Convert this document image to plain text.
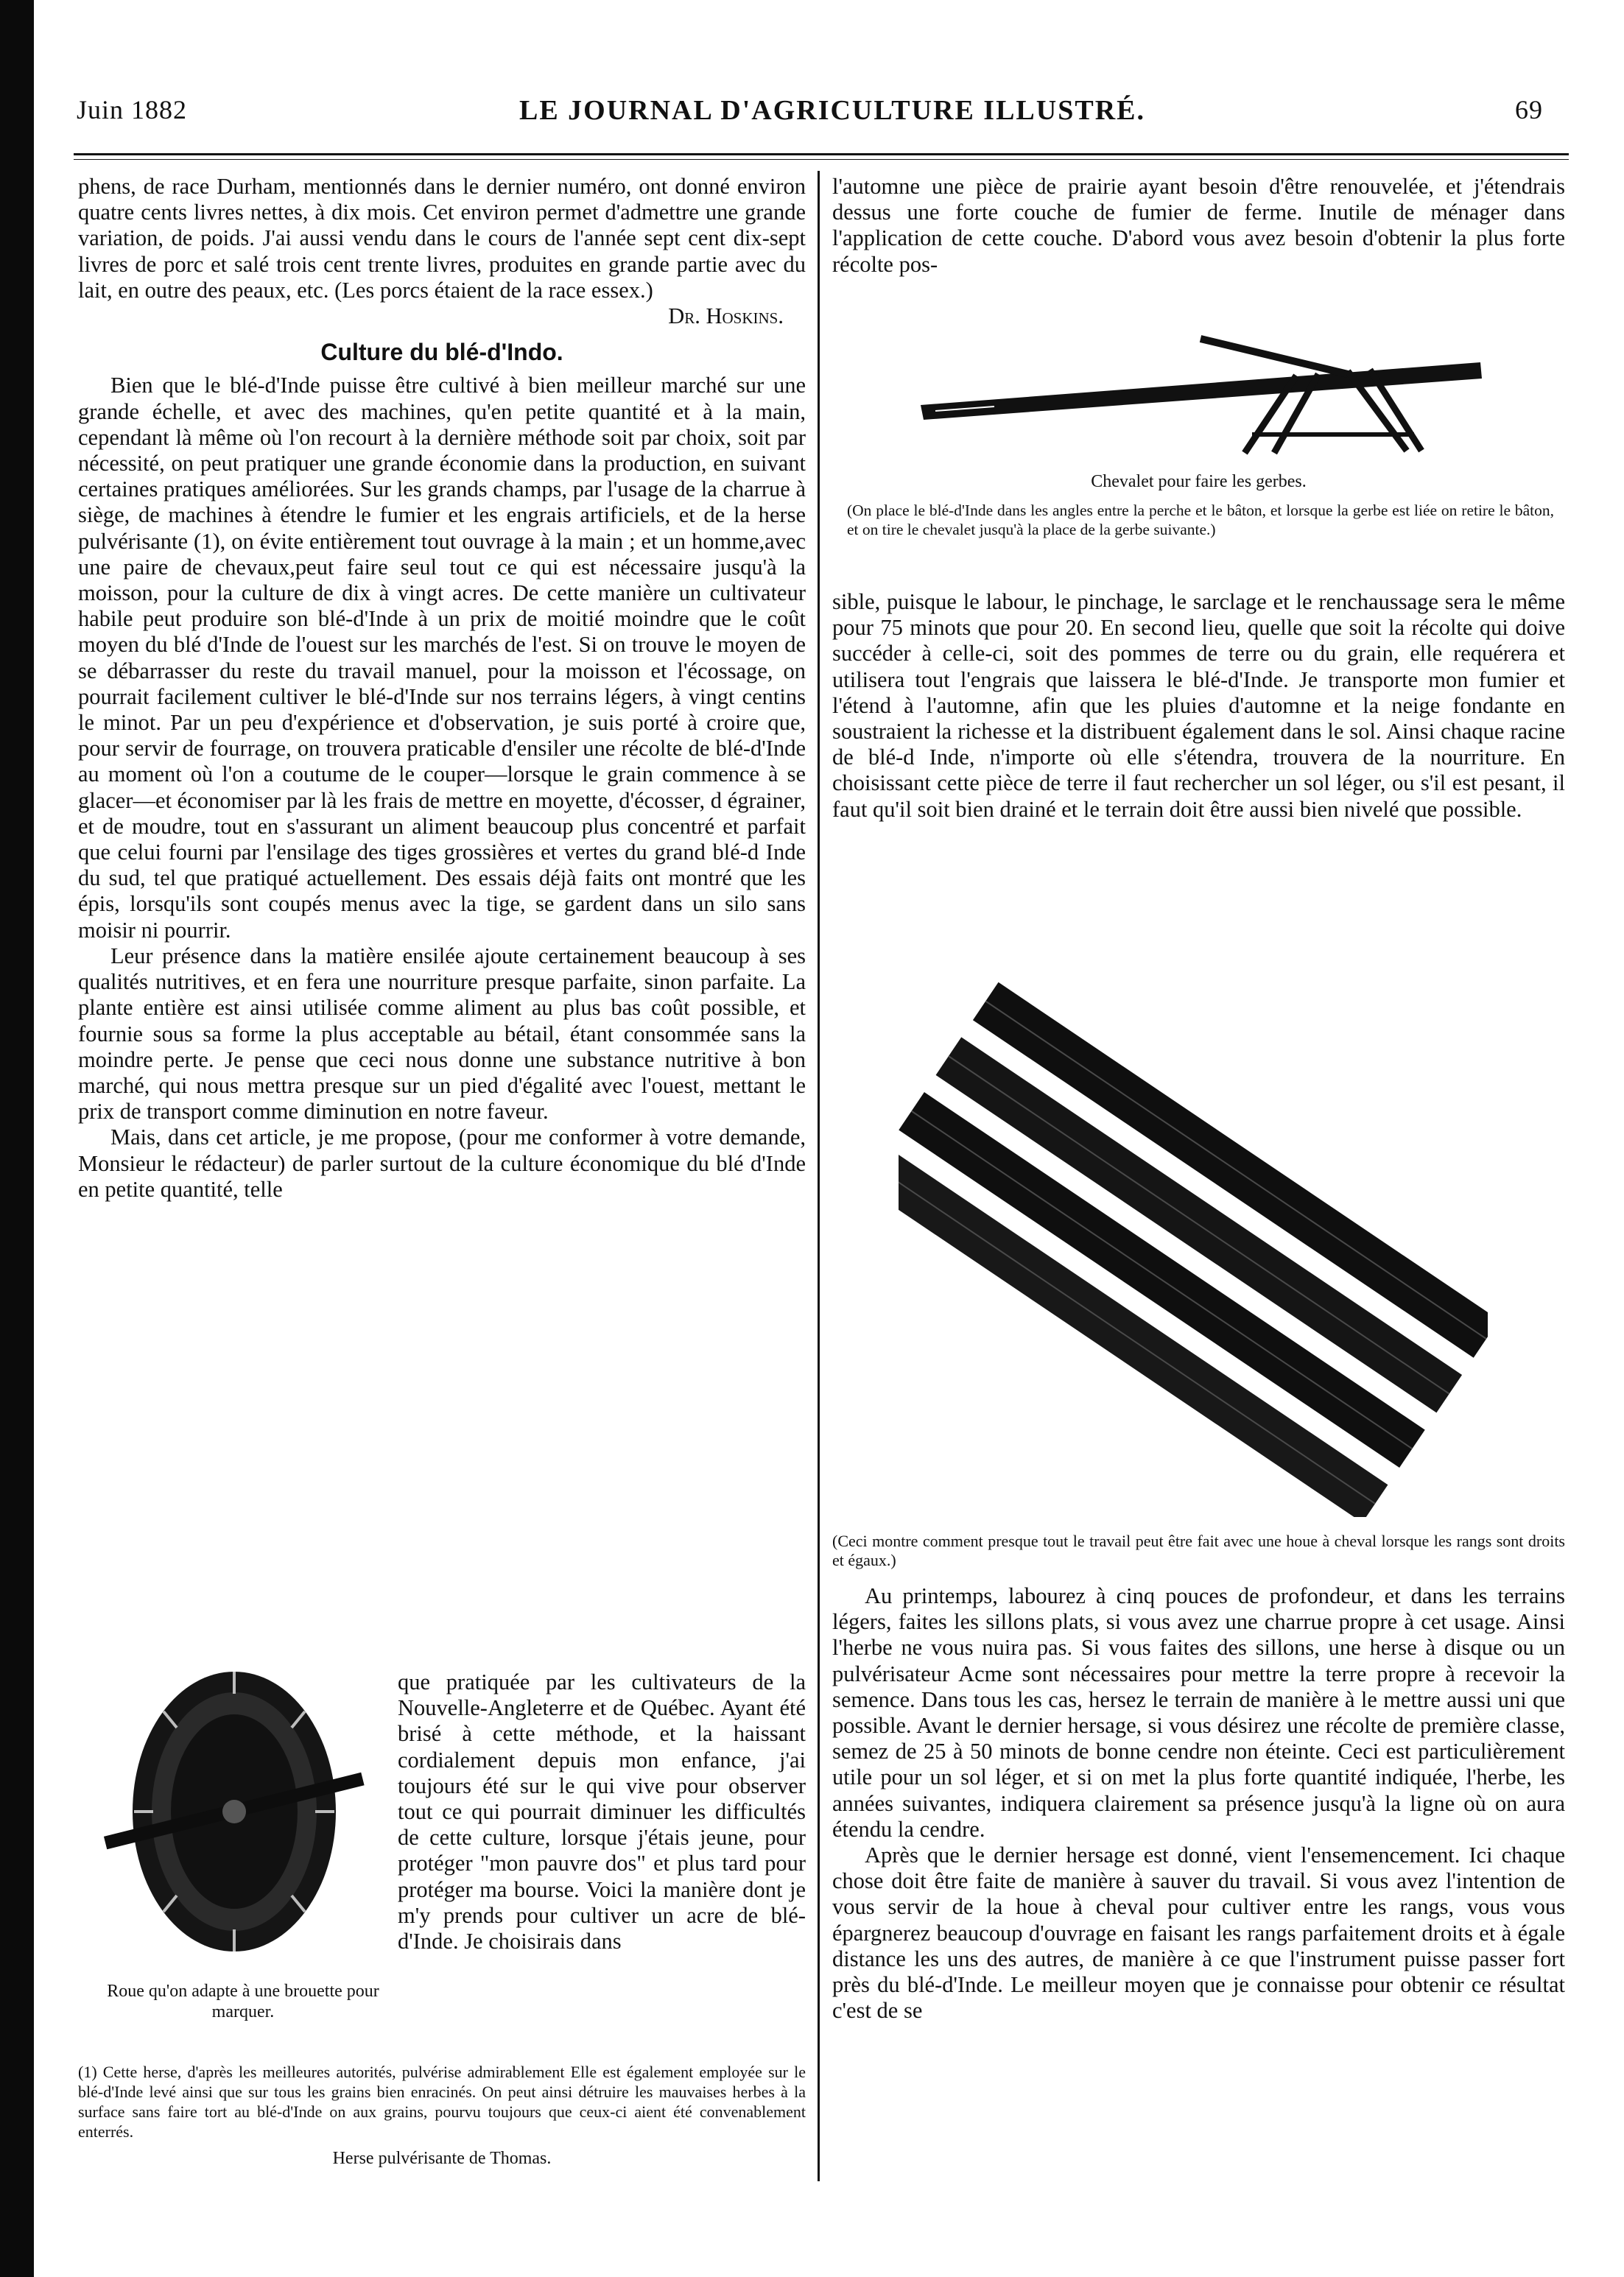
Juin 1882	LE JOURNAL D'AGRICULTURE ILLUSTRÉ.	69

phens, de race Durham, mentionnés dans le dernier numéro, ont donné environ quatre cents livres nettes, à dix mois. Cet environ permet d'admettre une grande variation, de poids. J'ai aussi vendu dans le cours de l'année sept cent dix-sept livres de porc et salé trois cent trente livres, produites en grande partie avec du lait, en outre des peaux, etc. (Les porcs étaient de la race essex.)

Dr. Hoskins.

Culture du blé-d'Indo.

Bien que le blé-d'Inde puisse être cultivé à bien meilleur marché sur une grande échelle, et avec des machines, qu'en petite quantité et à la main, cependant là même où l'on recourt à la dernière méthode soit par choix, soit par nécessité, on peut pratiquer une grande économie dans la production, en suivant certaines pratiques améliorées. Sur les grands champs, par l'usage de la charrue à siège, de machines à étendre le fumier et les engrais artificiels, et de la herse pulvérisante (1), on évite entièrement tout ouvrage à la main ; et un homme,avec une paire de chevaux,peut faire seul tout ce qui est nécessaire jusqu'à la moisson, pour la culture de dix à vingt acres. De cette manière un cultivateur habile peut produire son blé-d'Inde à un prix de moitié moindre que le coût moyen du blé d'Inde de l'ouest sur les marchés de l'est. Si on trouve le moyen de se débarrasser du reste du travail manuel, pour la moisson et l'écossage, on pourrait facilement cultiver le blé-d'Inde sur nos terrains légers, à vingt centins le minot. Par un peu d'expérience et d'observation, je suis porté à croire que, pour servir de fourrage, on trouvera praticable d'ensiler une récolte de blé-d'Inde au moment où l'on a coutume de le couper—lorsque le grain commence à se glacer—et économiser par là les frais de mettre en moyette, d'écosser, d égrainer, et de moudre, tout en s'assurant un aliment beaucoup plus concentré et parfait que celui fourni par l'ensilage des tiges grossières et vertes du grand blé-d Inde du sud, tel que pratiqué actuellement. Des essais déjà faits ont montré que les épis, lorsqu'ils sont coupés menus avec la tige, se gardent dans un silo sans moisir ni pourrir.

Leur présence dans la matière ensilée ajoute certainement beaucoup à ses qualités nutritives, et en fera une nourriture presque parfaite, sinon parfaite. La plante entière est ainsi utilisée comme aliment au plus bas coût possible, et fournie sous sa forme la plus acceptable au bétail, étant consommée sans la moindre perte. Je pense que ceci nous donne une substance nutritive à bon marché, qui nous mettra presque sur un pied d'égalité avec l'ouest, mettant le prix de transport comme diminution en notre faveur.

Mais, dans cet article, je me propose, (pour me conformer à votre demande, Monsieur le rédacteur) de parler surtout de la culture économique du blé d'Inde en petite quantité, telle

Roue qu'on adapte à une brouette pour marquer.

que pratiquée par les cultivateurs de la Nouvelle-Angleterre et de Québec. Ayant été brisé à cette méthode, et la haissant cordialement depuis mon enfance, j'ai toujours été sur le qui vive pour observer tout ce qui pourrait diminuer les difficultés de cette culture, lorsque j'étais jeune, pour protéger "mon pauvre dos" et plus tard pour protéger ma bourse. Voici la manière dont je m'y prends pour cultiver un acre de blé-d'Inde. Je choisirais dans

(1) Cette herse, d'après les meilleures autorités, pulvérise admirablement Elle est également employée sur le blé-d'Inde levé ainsi que sur tous les grains bien enracinés. On peut ainsi détruire les mauvaises herbes à la surface sans faire tort au blé-d'Inde on aux grains, pourvu toujours que ceux-ci aient été convenablement enterrés.

Herse pulvérisante de Thomas.

l'automne une pièce de prairie ayant besoin d'être renouvelée, et j'étendrais dessus une forte couche de fumier de ferme. Inutile de ménager dans l'application de cette couche. D'abord vous avez besoin d'obtenir la plus forte récolte pos-

Chevalet pour faire les gerbes.
(On place le blé-d'Inde dans les angles entre la perche et le bâton, et lorsque la gerbe est liée on retire le bâton, et on tire le chevalet jusqu'à la place de la gerbe suivante.)

sible, puisque le labour, le pinchage, le sarclage et le renchaussage sera le même pour 75 minots que pour 20. En second lieu, quelle que soit la récolte qui doive succéder à celle-ci, soit des pommes de terre ou du grain, elle requérera et utilisera tout l'engrais que laissera le blé-d'Inde. Je transporte mon fumier et l'étend à l'automne, afin que les pluies d'automne et la neige fondante en soustraient la richesse et la distribuent également dans le sol. Ainsi chaque racine de blé-d Inde, n'importe où elle s'étendra, trouvera de la nourriture. En choisissant cette pièce de terre il faut rechercher un sol léger, ou s'il est pesant, il faut qu'il soit bien drainé et le terrain doit être aussi bien nivelé que possible.

(Ceci montre comment presque tout le travail peut être fait avec une houe à cheval lorsque les rangs sont droits et égaux.)

Au printemps, labourez à cinq pouces de profondeur, et dans les terrains légers, faites les sillons plats, si vous avez une charrue propre à cet usage. Ainsi l'herbe ne vous nuira pas. Si vous faites des sillons, une herse à disque ou un pulvérisateur Acme sont nécessaires pour mettre la terre propre à recevoir la semence. Dans tous les cas, hersez le terrain de manière à le mettre aussi uni que possible. Avant le dernier hersage, si vous désirez une récolte de première classe, semez de 25 à 50 minots de bonne cendre non éteinte. Ceci est particulièrement utile pour un sol léger, et si on met la plus forte quantité indiquée, l'herbe, les années suivantes, indiquera clairement sa présence jusqu'à la ligne où on aura étendu la cendre.

Après que le dernier hersage est donné, vient l'ensemencement. Ici chaque chose doit être faite de manière à sauver du travail. Si vous avez l'intention de vous servir de la houe à cheval pour cultiver entre les rangs, vous vous épargnerez beaucoup d'ouvrage en faisant les rangs parfaitement droits et à égale distance les uns des autres, de manière à ce que l'instrument puisse passer fort près du blé-d'Inde. Le meilleur moyen que je connaisse pour obtenir ce résultat c'est de se
